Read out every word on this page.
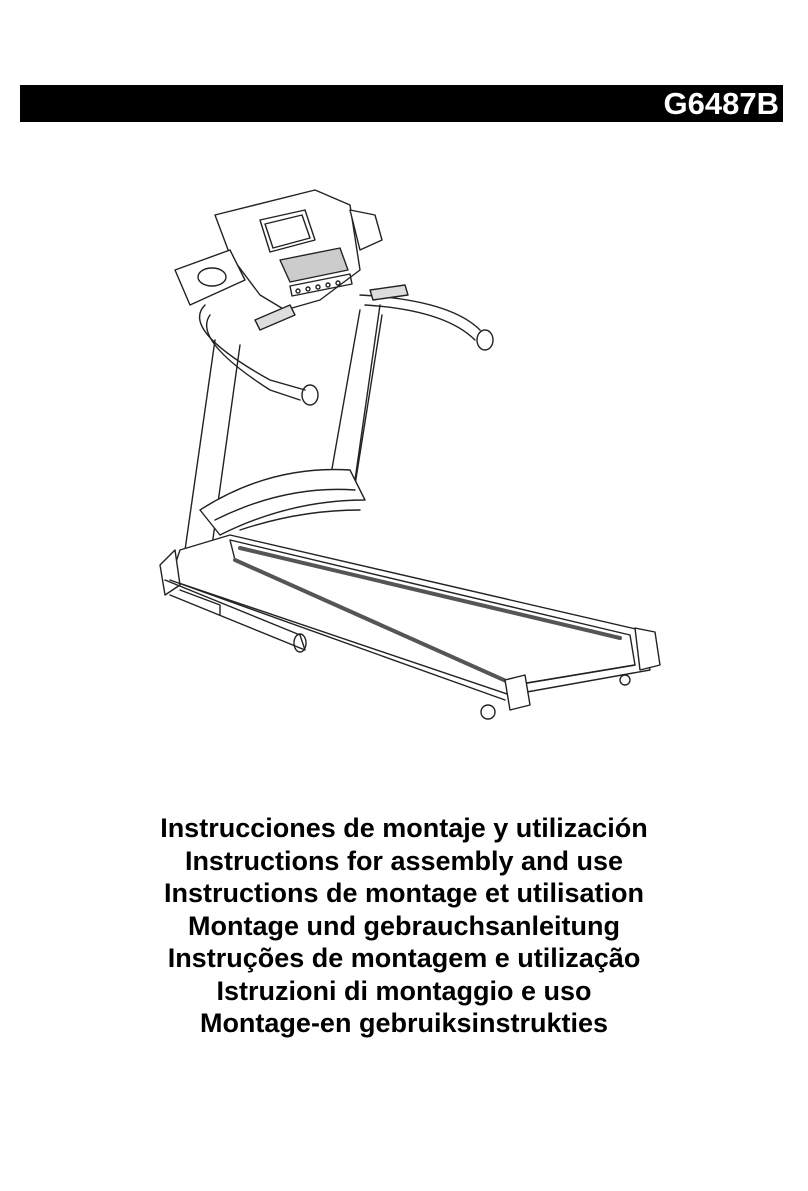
G6487B
Instrucciones de montaje y utilización
Instructions for assembly and use
Instructions de montage et utilisation
Montage und gebrauchsanleitung
Instruções de montagem e utilização
Istruzioni di montaggio e uso
Montage-en gebruiksinstrukties
